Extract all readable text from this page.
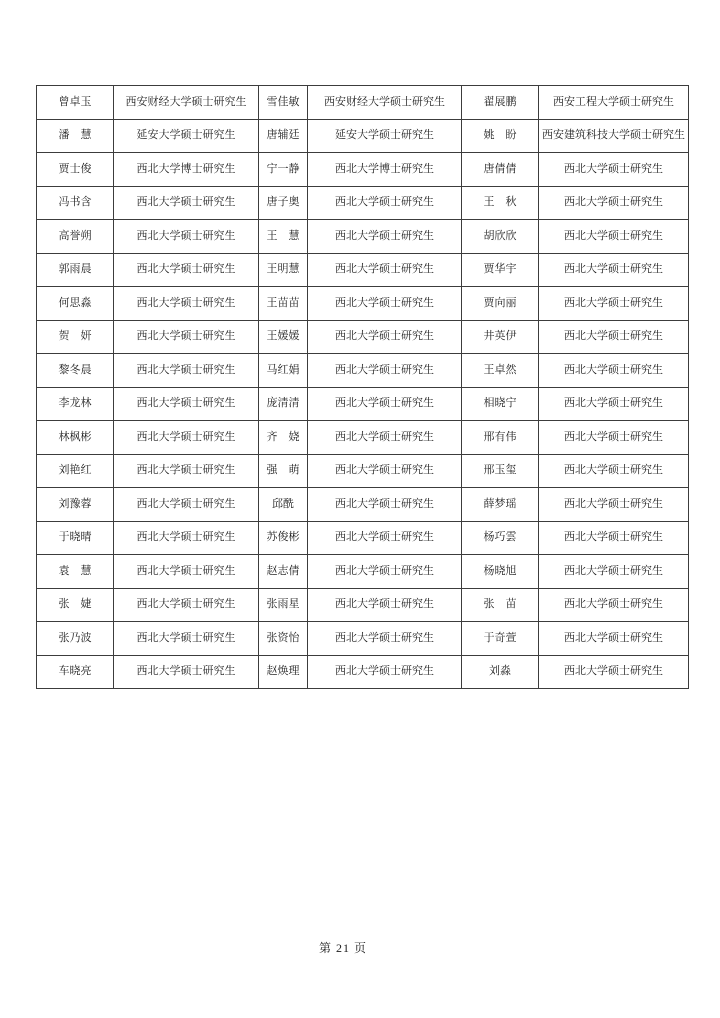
曾卓玉	西安财经大学硕士研究生	雪佳敏	西安财经大学硕士研究生	翟展鹏	西安工程大学硕士研究生
潘　慧	延安大学硕士研究生	唐辅廷	延安大学硕士研究生	姚　盼	西安建筑科技大学硕士研究生
贾士俊	西北大学博士研究生	宁一静	西北大学博士研究生	唐倩倩	西北大学硕士研究生
冯书含	西北大学硕士研究生	唐子奥	西北大学硕士研究生	王　秋	西北大学硕士研究生
高誉朔	西北大学硕士研究生	王　慧	西北大学硕士研究生	胡欣欣	西北大学硕士研究生
郭雨晨	西北大学硕士研究生	王明慧	西北大学硕士研究生	贾华宇	西北大学硕士研究生
何思淼	西北大学硕士研究生	王苗苗	西北大学硕士研究生	贾向丽	西北大学硕士研究生
贺　妍	西北大学硕士研究生	王媛媛	西北大学硕士研究生	井英伊	西北大学硕士研究生
黎冬晨	西北大学硕士研究生	马红娟	西北大学硕士研究生	王卓然	西北大学硕士研究生
李龙林	西北大学硕士研究生	庞清清	西北大学硕士研究生	相晓宁	西北大学硕士研究生
林枫彬	西北大学硕士研究生	齐　娆	西北大学硕士研究生	邢有伟	西北大学硕士研究生
刘艳红	西北大学硕士研究生	强　萌	西北大学硕士研究生	邢玉玺	西北大学硕士研究生
刘豫蓉	西北大学硕士研究生	邱酰	西北大学硕士研究生	薛梦瑶	西北大学硕士研究生
于晓晴	西北大学硕士研究生	苏俊彬	西北大学硕士研究生	杨巧雲	西北大学硕士研究生
袁　慧	西北大学硕士研究生	赵志倩	西北大学硕士研究生	杨晓旭	西北大学硕士研究生
张　婕	西北大学硕士研究生	张雨星	西北大学硕士研究生	张　苗	西北大学硕士研究生
张乃波	西北大学硕士研究生	张资怡	西北大学硕士研究生	于奇萱	西北大学硕士研究生
车晓亮	西北大学硕士研究生	赵焕理	西北大学硕士研究生	刘淼	西北大学硕士研究生
第 21 页
